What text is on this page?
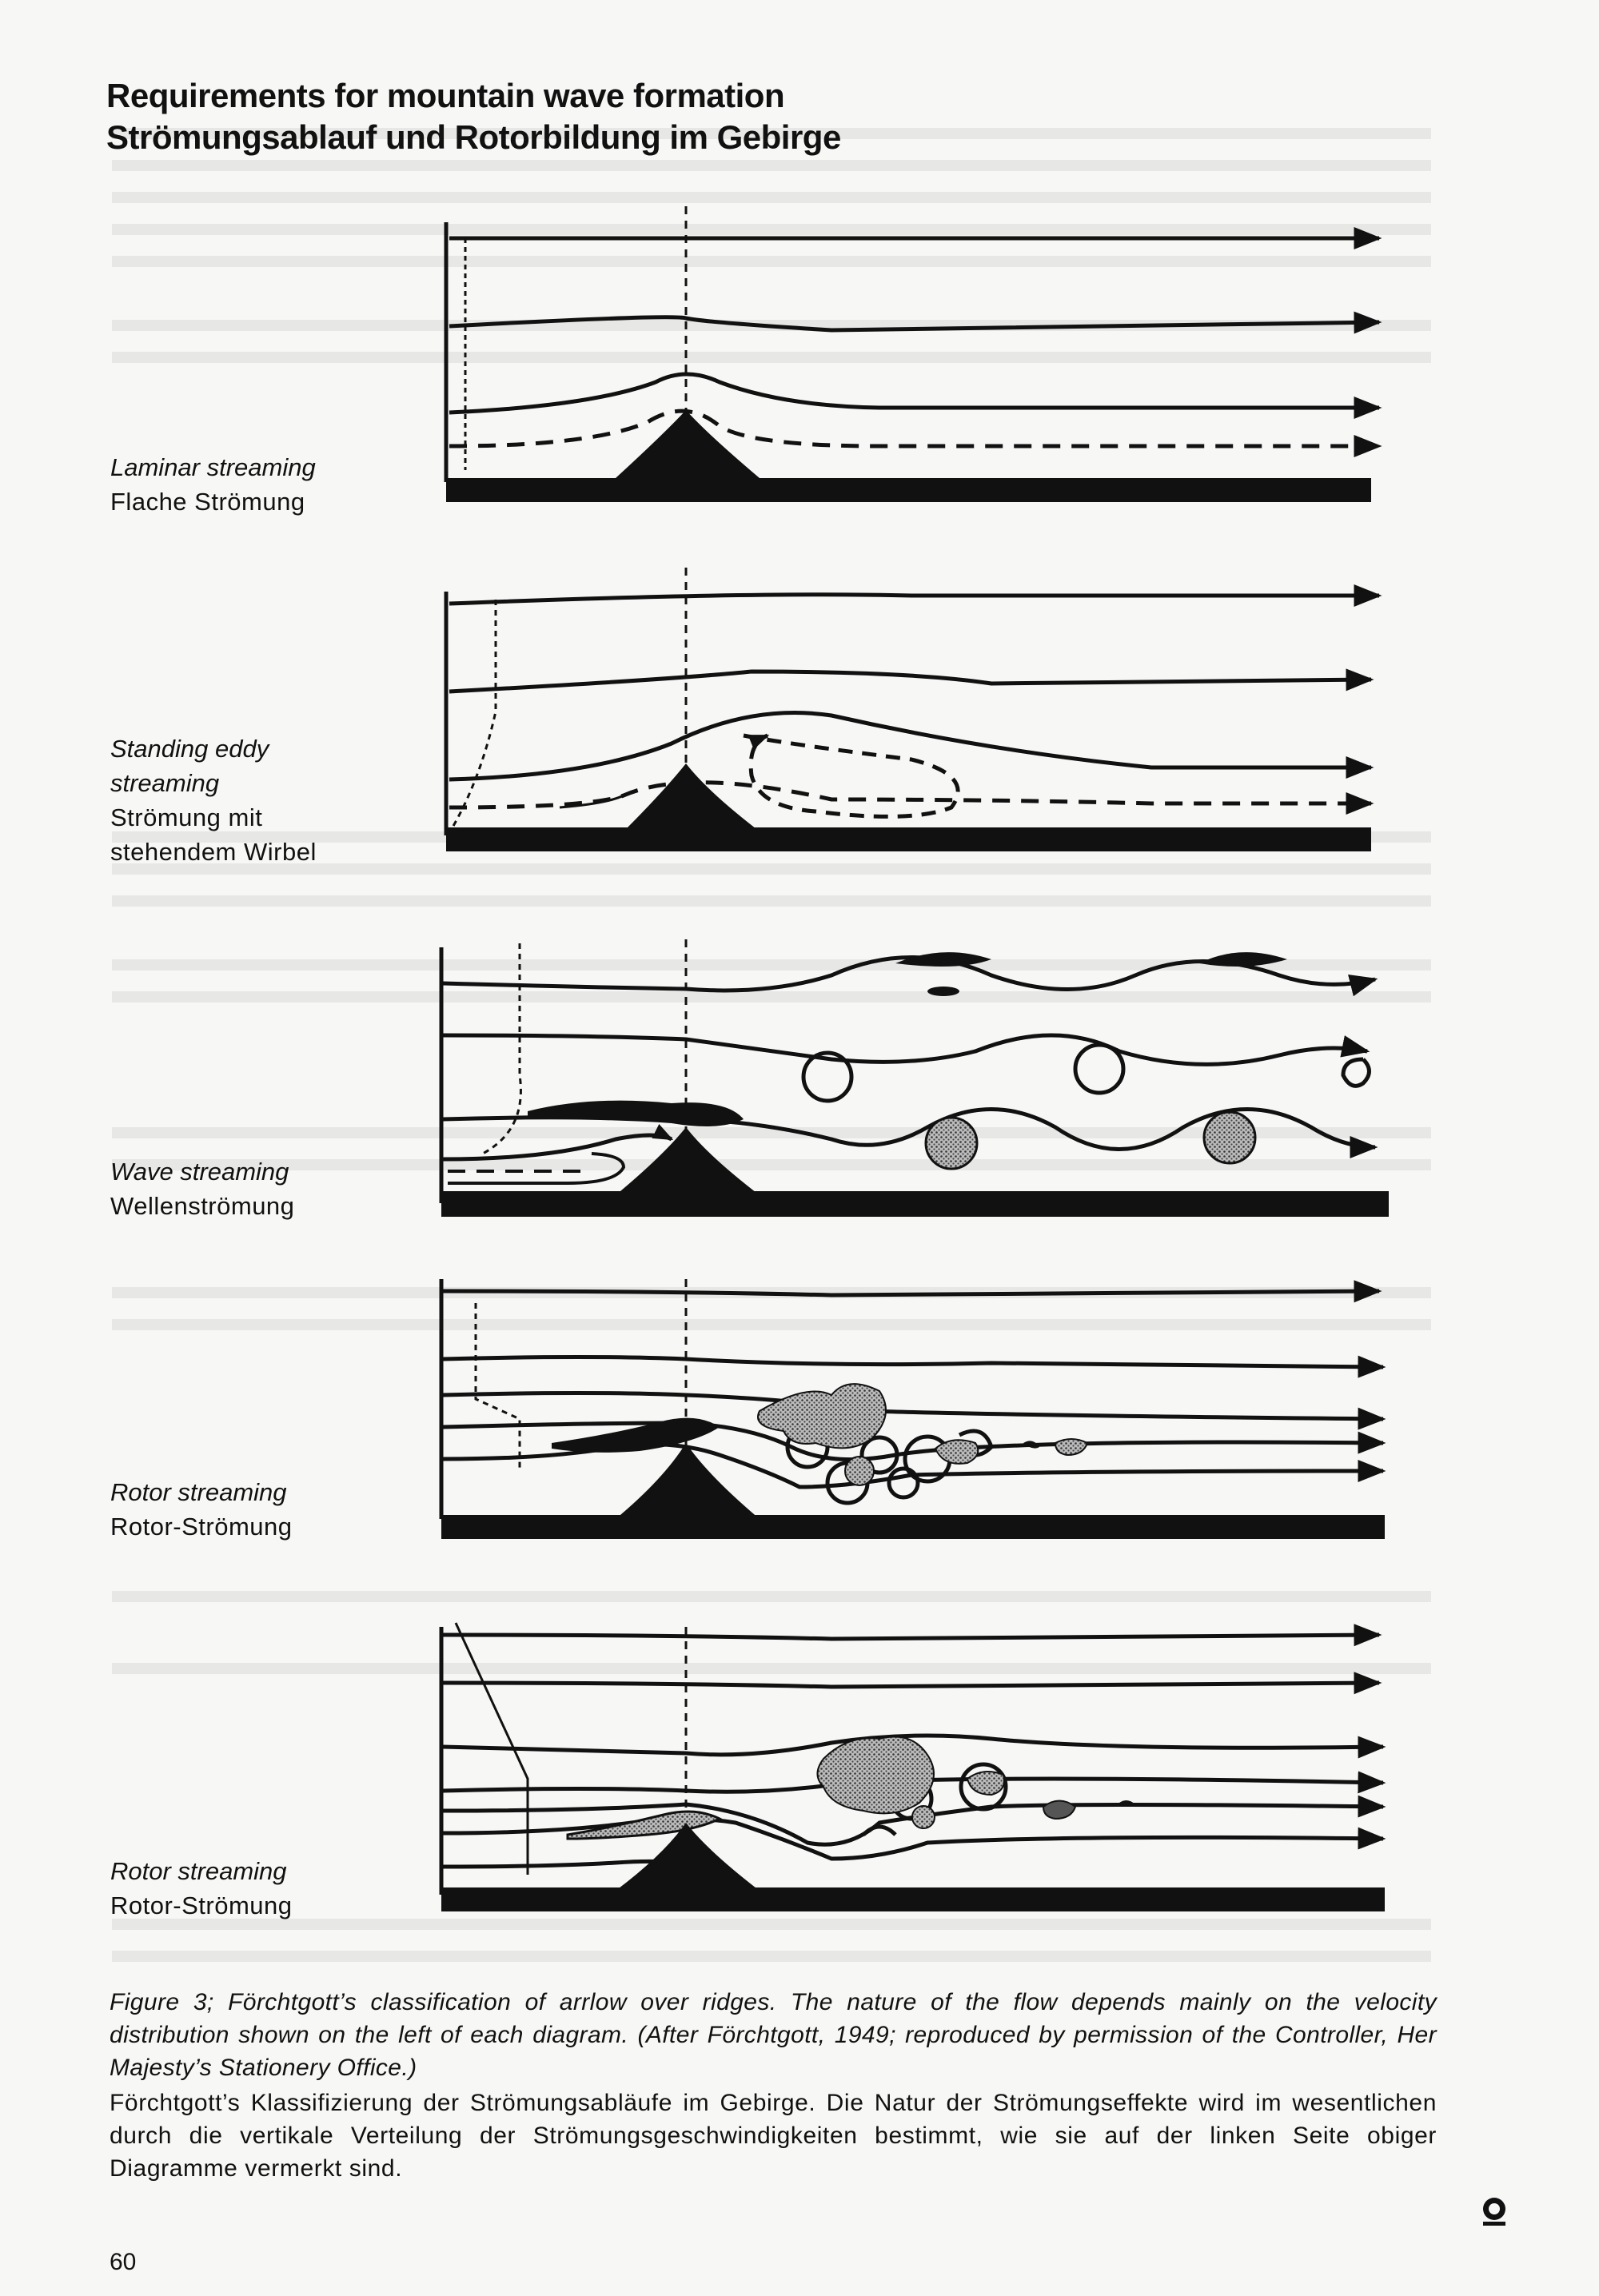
Requirements for mountain wave formation
Strömungsablauf und Rotorbildung im Gebirge
Laminar streaming
Flache Strömung
Standing eddy streaming
Strömung mit stehendem Wirbel
Wave streaming
Wellenströmung
Rotor streaming
Rotor-Strömung
Rotor streaming
Rotor-Strömung
Figure 3; Förchtgott’s classification of arrlow over ridges. The nature of the flow depends mainly on the velocity distribution shown on the left of each diagram. (After Förchtgott, 1949; reproduced by permission of the Controller, Her Majesty’s Stationery Office.)
Förchtgott’s Klassifizierung der Strömungsabläufe im Gebirge. Die Natur der Strömungseffekte wird im wesentlichen durch die vertikale Verteilung der Strömungsgeschwindigkeiten bestimmt, wie sie auf der linken Seite obiger Diagramme vermerkt sind.
60
